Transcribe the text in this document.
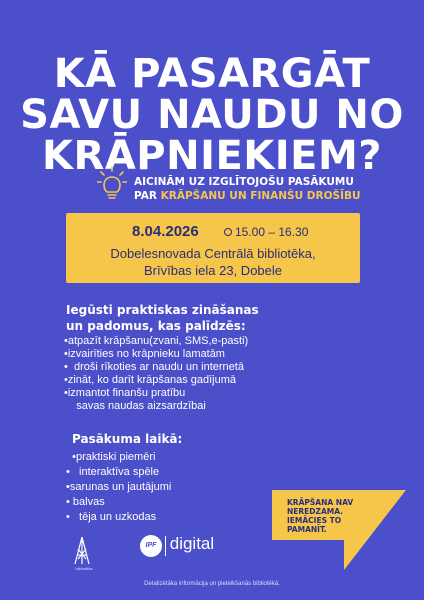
KĀ PASARGĀT
SAVU NAUDU NO
KRĀPNIEKIEM?
AICINĀM UZ IZGLĪTOJOŠU PASĀKUMU
PAR KRĀPŠANU UN FINANŠU DROŠĪBU
8.04.2026	15.00 – 16.30
Dobelesnovada Centrālā bibliotēka,
Brīvības iela 23, Dobele
Iegūsti praktiskas zināšanas
un padomus, kas palīdzēs:
•atpazīt krāpšanu(zvani, SMS,e-pasti)
•izvairīties no krāpnieku lamatām
•  droši rīkoties ar naudu un internetā
•zināt, ko darīt krāpšanas gadījumā
•izmantot finanšu pratību
savas naudas aizsardzībai
Pasākuma laikā:
•praktiski piemēri
•   interaktīva spēle
•sarunas un jautājumi
• balvas
•   tēja un uzkodas
KRĀPŠANA NAV
NEREDZAMA.
IEMĀCIES TO
PAMANĪT.
bibliotēka
IPF digital
Detalizētāka informācija un pieteikšanās bibliotēkā.
